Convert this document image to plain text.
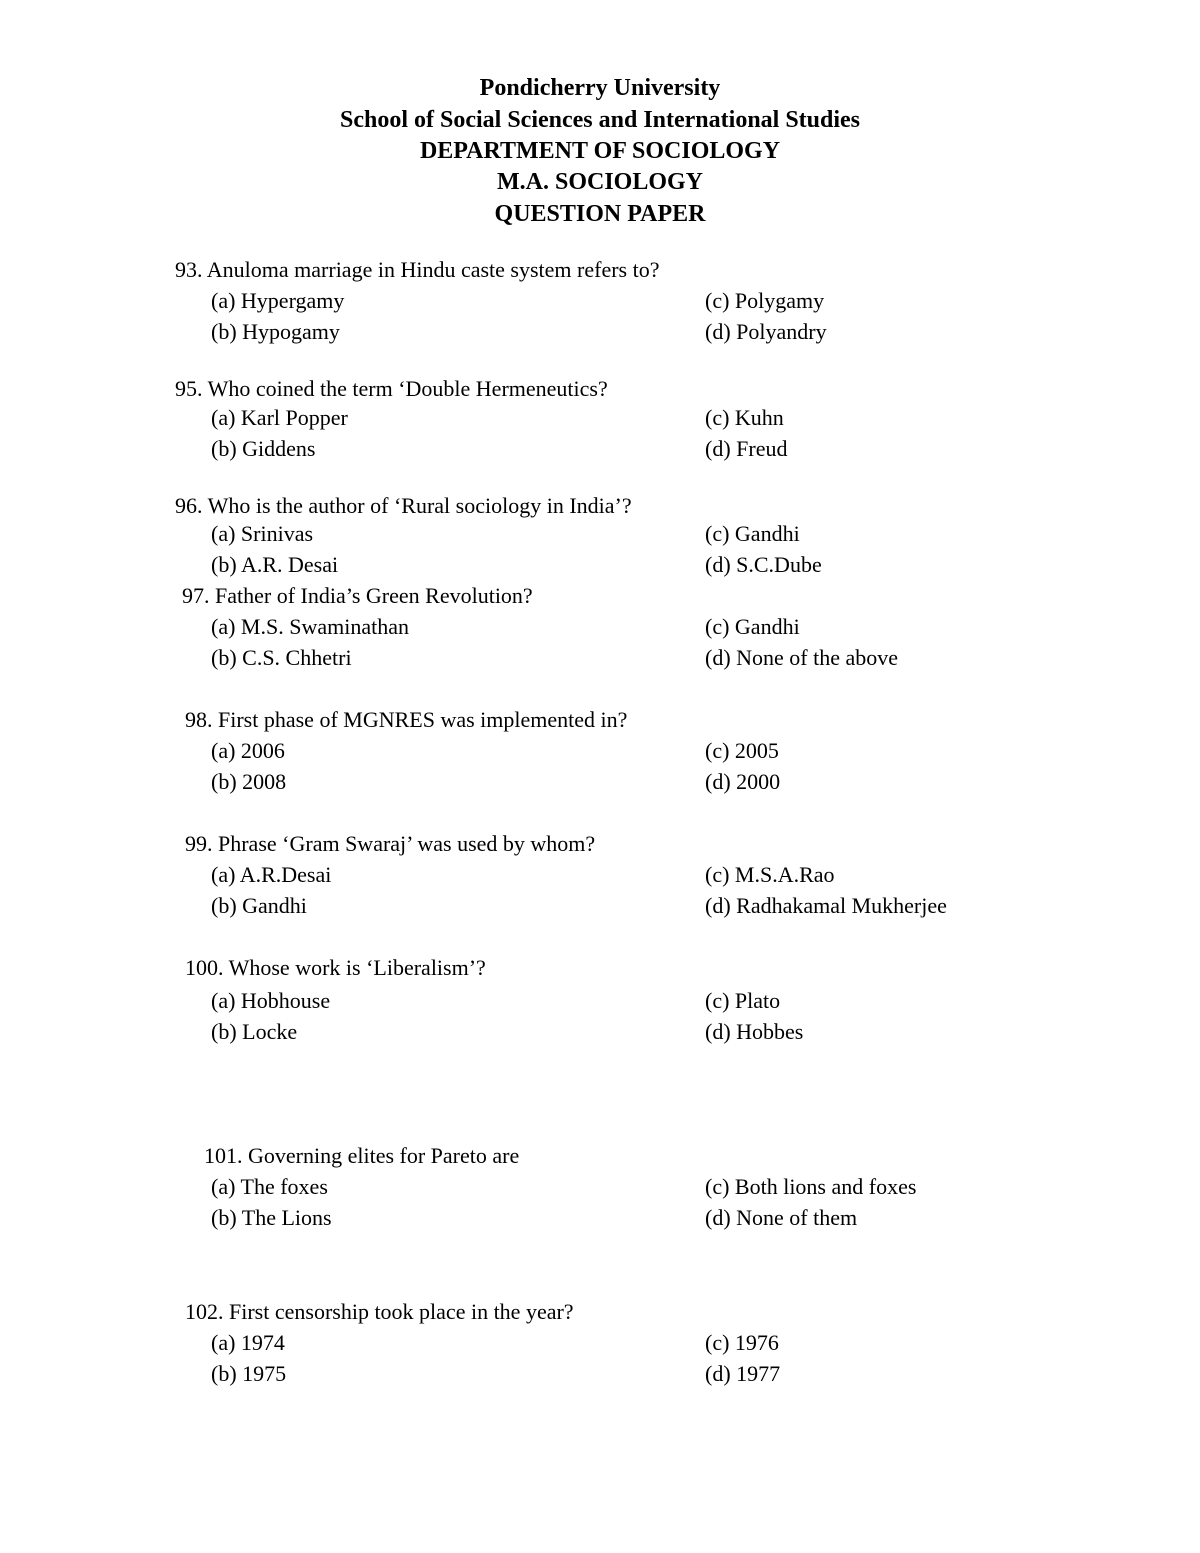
Pondicherry University
School of Social Sciences and International Studies
DEPARTMENT OF SOCIOLOGY
M.A. SOCIOLOGY
QUESTION PAPER
93. Anuloma marriage in Hindu caste system refers to?
(a) Hypergamy	(c) Polygamy
(b) Hypogamy	(d) Polyandry
95. Who coined the term ‘Double Hermeneutics?
(a) Karl Popper	(c) Kuhn
(b) Giddens	(d) Freud
96. Who is the author of ‘Rural sociology in India’?
(a) Srinivas	(c) Gandhi
(b) A.R. Desai	(d) S.C.Dube
97. Father of India’s Green Revolution?
(a) M.S. Swaminathan	(c) Gandhi
(b) C.S. Chhetri	(d) None of the above
98. First phase of MGNRES was implemented in?
(a) 2006	(c) 2005
(b) 2008	(d) 2000
99. Phrase ‘Gram Swaraj’ was used by whom?
(a) A.R.Desai	(c) M.S.A.Rao
(b) Gandhi	(d) Radhakamal Mukherjee
100. Whose work is ‘Liberalism’?
(a) Hobhouse	(c) Plato
(b) Locke	(d) Hobbes
101. Governing elites for Pareto are
(a) The foxes	(c) Both lions and foxes
(b) The Lions	(d) None of them
102. First censorship took place in the year?
(a) 1974	(c) 1976
(b) 1975	(d) 1977
